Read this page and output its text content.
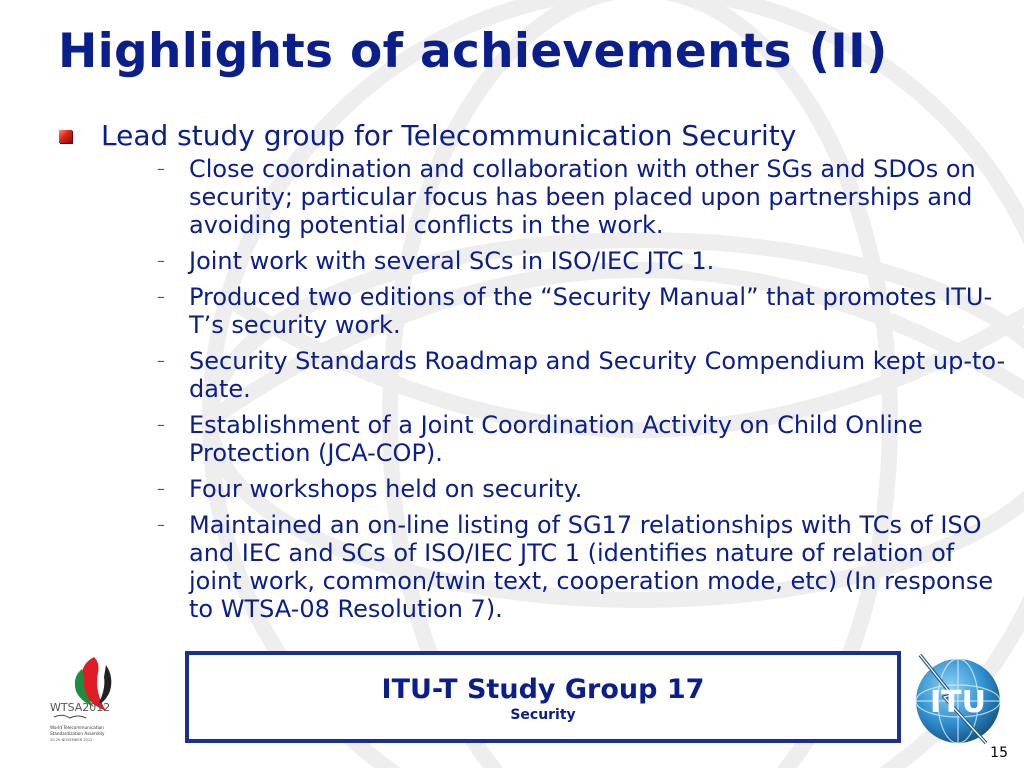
Highlights of achievements (II)
Lead study group for Telecommunication Security
– Close coordination and collaboration with other SGs and SDOs on security; particular focus has been placed upon partnerships and avoiding potential conflicts in the work.
– Joint work with several SCs in ISO/IEC JTC 1.
– Produced two editions of the “Security Manual” that promotes ITU-T’s security work.
– Security Standards Roadmap and Security Compendium kept up-to-date.
– Establishment of a Joint Coordination Activity on Child Online Protection (JCA-COP).
– Four workshops held on security.
– Maintained an on-line listing of SG17 relationships with TCs of ISO and IEC and SCs of ISO/IEC JTC 1 (identifies nature of relation of joint work, common/twin text, cooperation mode, etc) (In response to WTSA-08 Resolution 7).
WTSA2012
World Telecommunication
Standardization Assembly
20-29 NOVEMBER 2012
ITU-T Study Group 17
Security	ITU
15
